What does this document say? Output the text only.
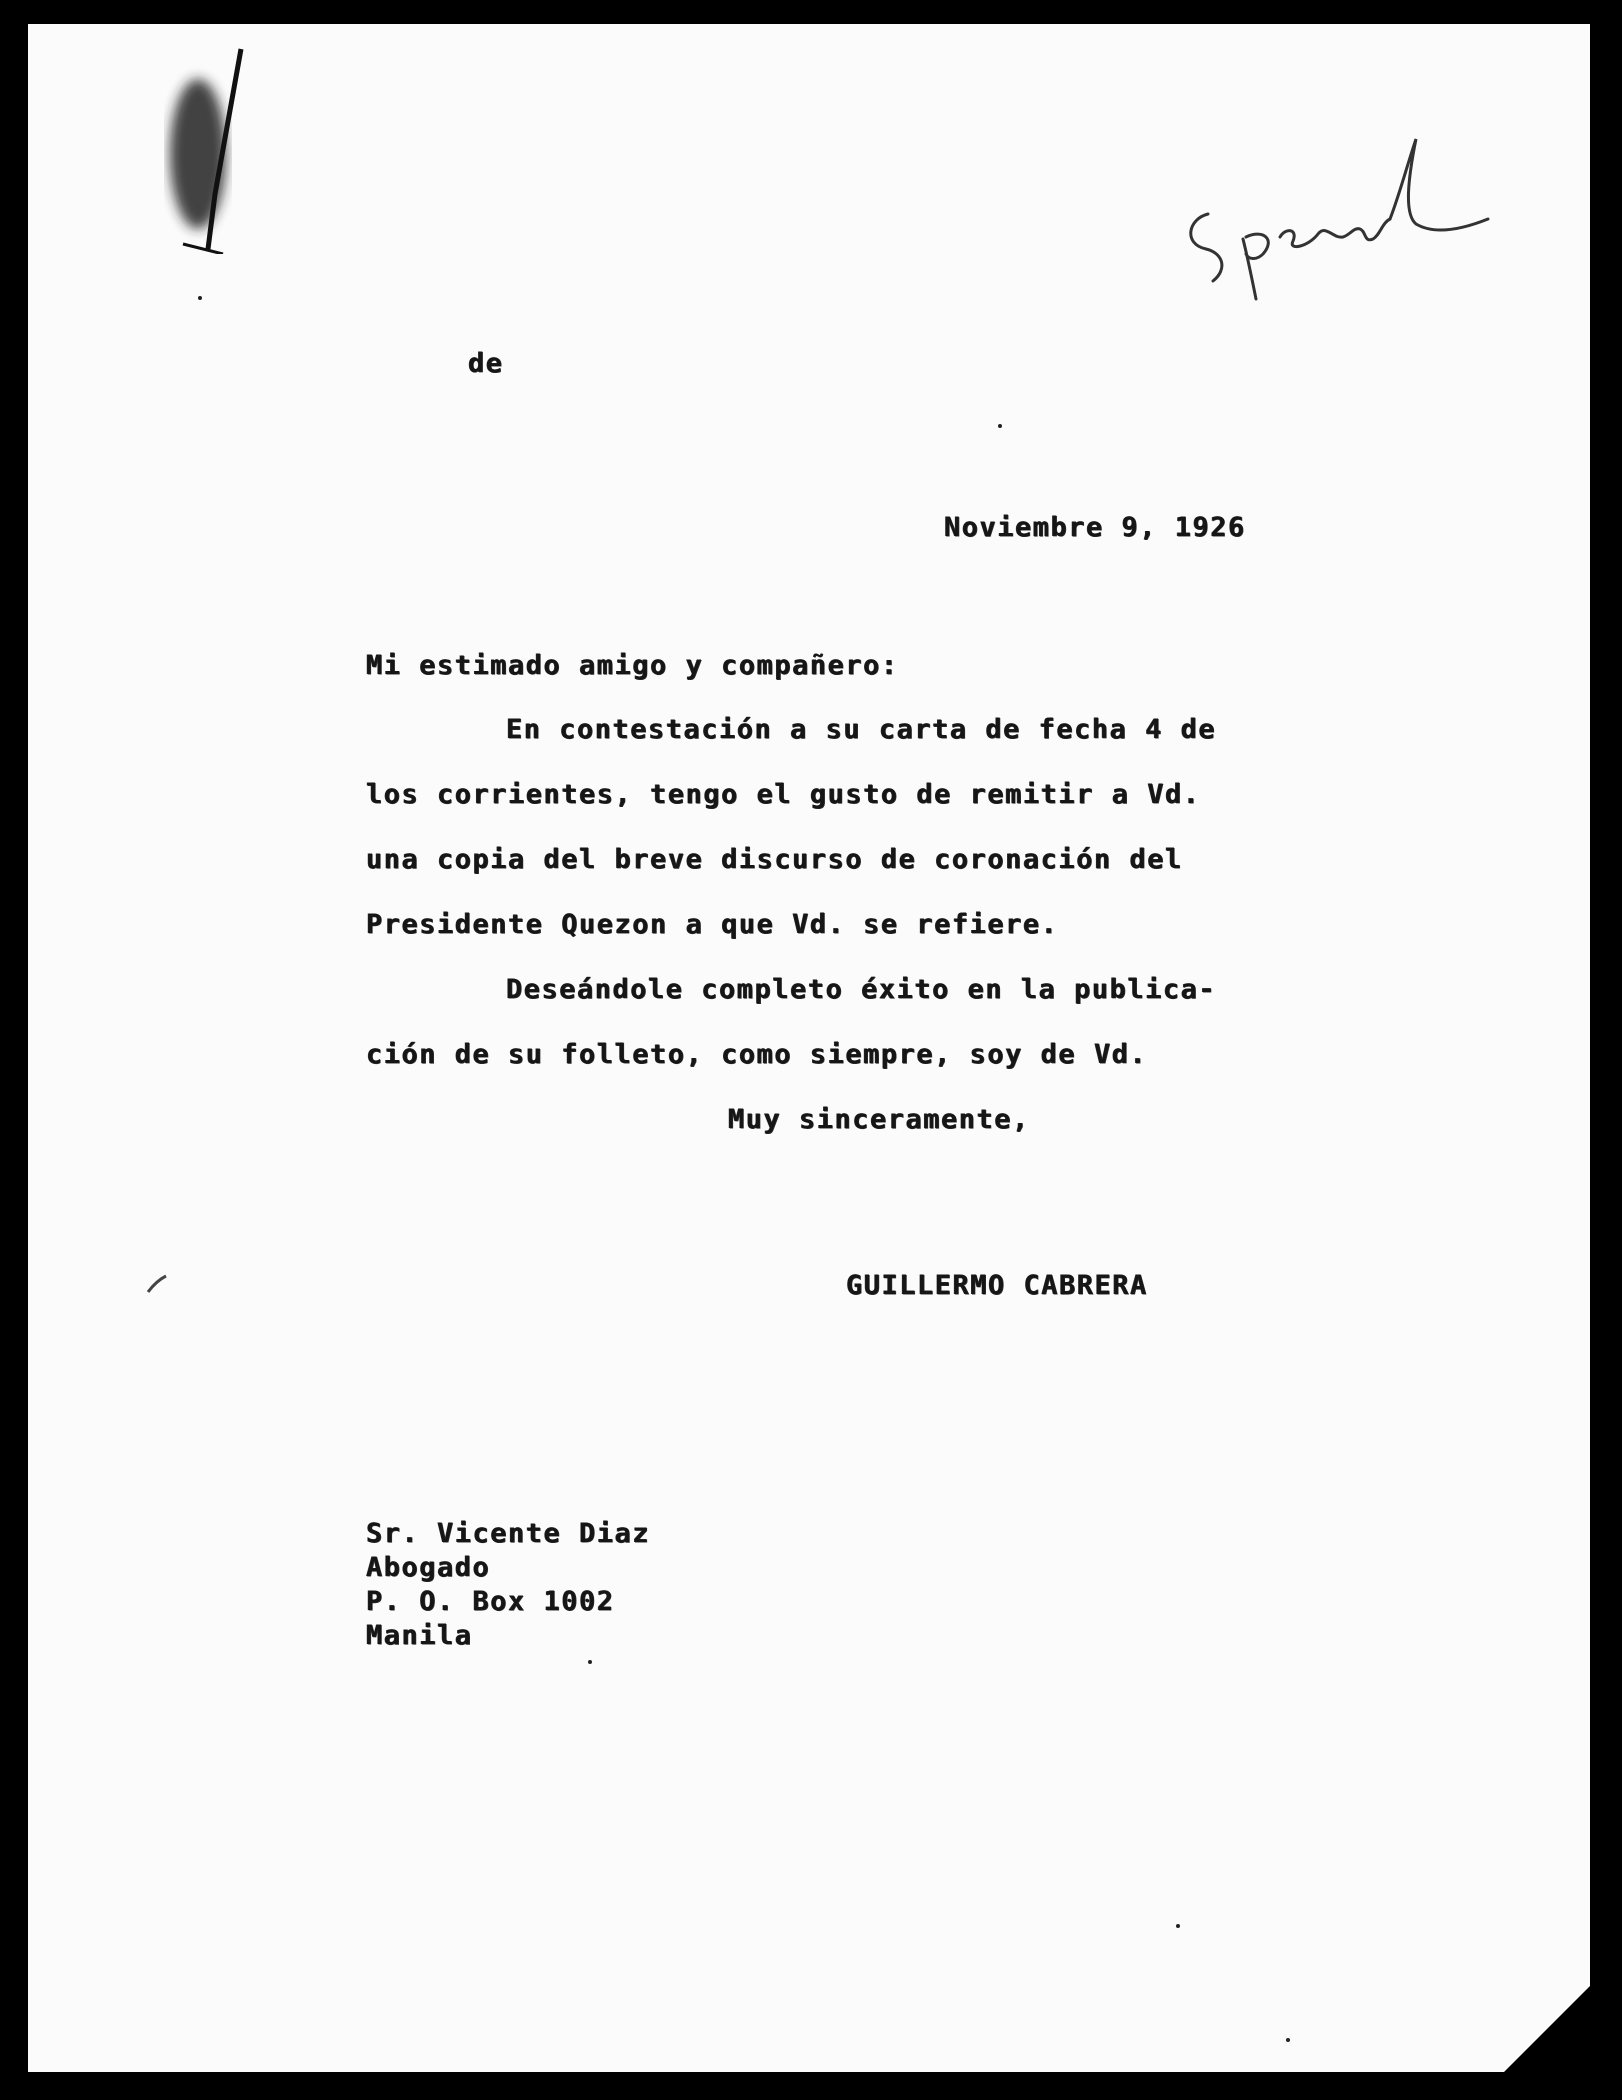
de
Noviembre 9, 1926
Mi estimado amigo y compañero:
En contestación a su carta de fecha 4 de
los corrientes, tengo el gusto de remitir a Vd.
una copia del breve discurso de coronación del
Presidente Quezon a que Vd. se refiere.
Deseándole completo éxito en la publica-
ción de su folleto, como siempre, soy de Vd.
Muy sinceramente,
GUILLERMO CABRERA
Sr. Vicente Diaz
Abogado
P. O. Box 1002
Manila
